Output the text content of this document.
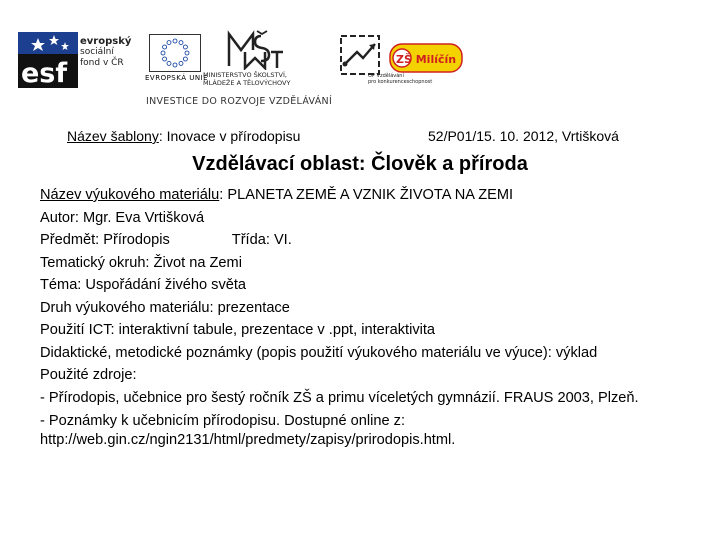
esf
evropský
sociální
fond v ČR
EVROPSKÁ UNIE
MINISTERSTVO ŠKOLSTVÍ,
MLÁDEŽE A TĚLOVÝCHOVY
OP Vzdělávání
pro konkurenceschopnost
ZŠ Milíčín
INVESTICE DO ROZVOJE VZDĚLÁVÁNÍ
Název šablony: Inovace v přírodopisu	52/P01/15. 10. 2012, Vrtišková
Vzdělávací oblast: Člověk a příroda
Název výukového materiálu: PLANETA ZEMĚ A VZNIK ŽIVOTA NA ZEMI
Autor: Mgr. Eva Vrtišková
Předmět: Přírodopis	Třída: VI.
Tematický okruh: Život na Zemi
Téma: Uspořádání živého světa
Druh výukového materiálu: prezentace
Použití ICT: interaktivní tabule, prezentace v .ppt, interaktivita
Didaktické, metodické poznámky (popis použití výukového materiálu ve výuce): výklad
Použité zdroje:
- Přírodopis, učebnice pro šestý ročník ZŠ a primu víceletých gymnázií. FRAUS 2003, Plzeň.
- Poznámky k učebnicím přírodopisu. Dostupné online z: http://web.gin.cz/ngin2131/html/predmety/zapisy/prirodopis.html.
